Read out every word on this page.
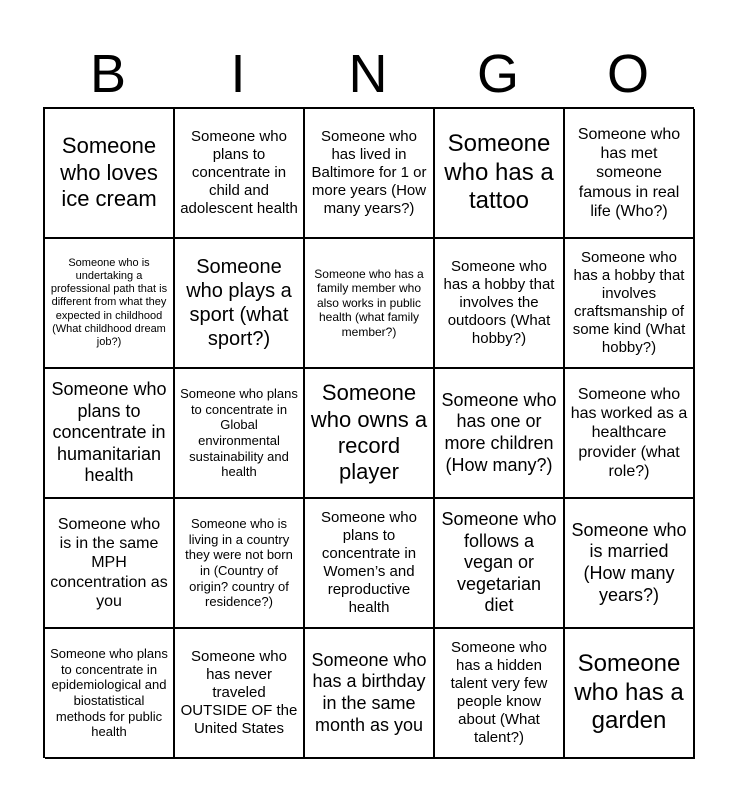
B	I	N	G	O
Someone who loves ice cream
Someone who plans to concentrate in child and adolescent health
Someone who has lived in Baltimore for 1 or more years (How many years?)
Someone who has a tattoo
Someone who has met someone famous in real life (Who?)
Someone who is undertaking a professional path that is different from what they expected in childhood (What childhood dream job?)
Someone who plays a sport (what sport?)
Someone who has a family member who also works in public health (what family member?)
Someone who has a hobby that involves the outdoors (What hobby?)
Someone who has a hobby that involves craftsmanship of some kind (What hobby?)
Someone who plans to concentrate in humanitarian health
Someone who plans to concentrate in Global environmental sustainability and health
Someone who owns a record player
Someone who has one or more children (How many?)
Someone who has worked as a healthcare provider (what role?)
Someone who is in the same MPH concentration as you
Someone who is living in a country they were not born in (Country of origin? country of residence?)
Someone who plans to concentrate in Women’s and reproductive health
Someone who follows a vegan or vegetarian diet
Someone who is married (How many years?)
Someone who plans to concentrate in epidemiological and biostatistical methods for public health
Someone who has never traveled OUTSIDE OF the United States
Someone who has a birthday in the same month as you
Someone who has a hidden talent very few people know about (What talent?)
Someone who has a garden
